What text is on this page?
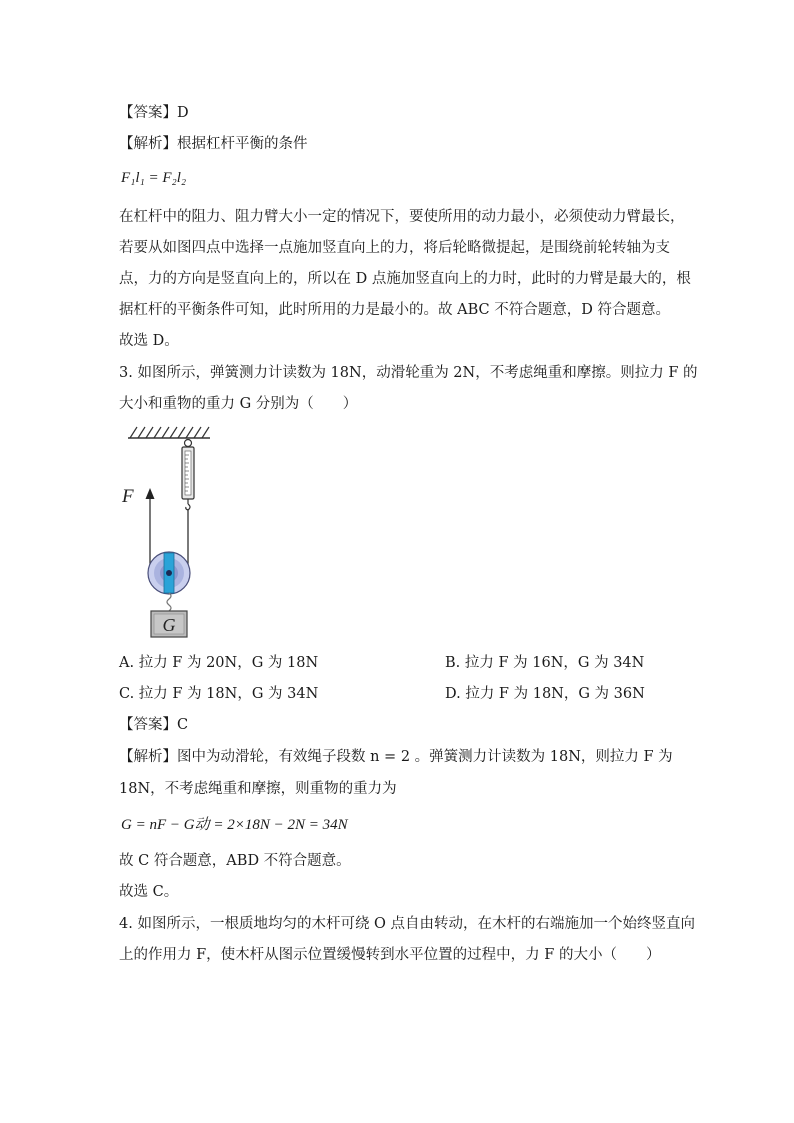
【答案】D
【解析】根据杠杆平衡的条件
F₁l₁ = F₂l₂
在杠杆中的阻力、阻力臂大小一定的情况下，要使所用的动力最小，必须使动力臂最长，
若要从如图四点中选择一点施加竖直向上的力，将后轮略微提起，是围绕前轮转轴为支
点，力的方向是竖直向上的，所以在 D 点施加竖直向上的力时，此时的力臂是最大的，根
据杠杆的平衡条件可知，此时所用的力是最小的。故 ABC 不符合题意，D 符合题意。
故选 D。
3. 如图所示，弹簧测力计读数为 18N，动滑轮重为 2N，不考虑绳重和摩擦。则拉力 F 的
大小和重物的重力 G 分别为（　　）
F
G
A. 拉力 F 为 20N，G 为 18N	B. 拉力 F 为 16N，G 为 34N
C. 拉力 F 为 18N，G 为 34N	D. 拉力 F 为 18N，G 为 36N
【答案】C
【解析】图中为动滑轮，有效绳子段数 n = 2 。弹簧测力计读数为 18N，则拉力 F 为
18N，不考虑绳重和摩擦，则重物的重力为
G = nF − G动 = 2×18N − 2N = 34N
故 C 符合题意，ABD 不符合题意。
故选 C。
4. 如图所示，一根质地均匀的木杆可绕 O 点自由转动，在木杆的右端施加一个始终竖直向
上的作用力 F，使木杆从图示位置缓慢转到水平位置的过程中，力 F 的大小（　　）
